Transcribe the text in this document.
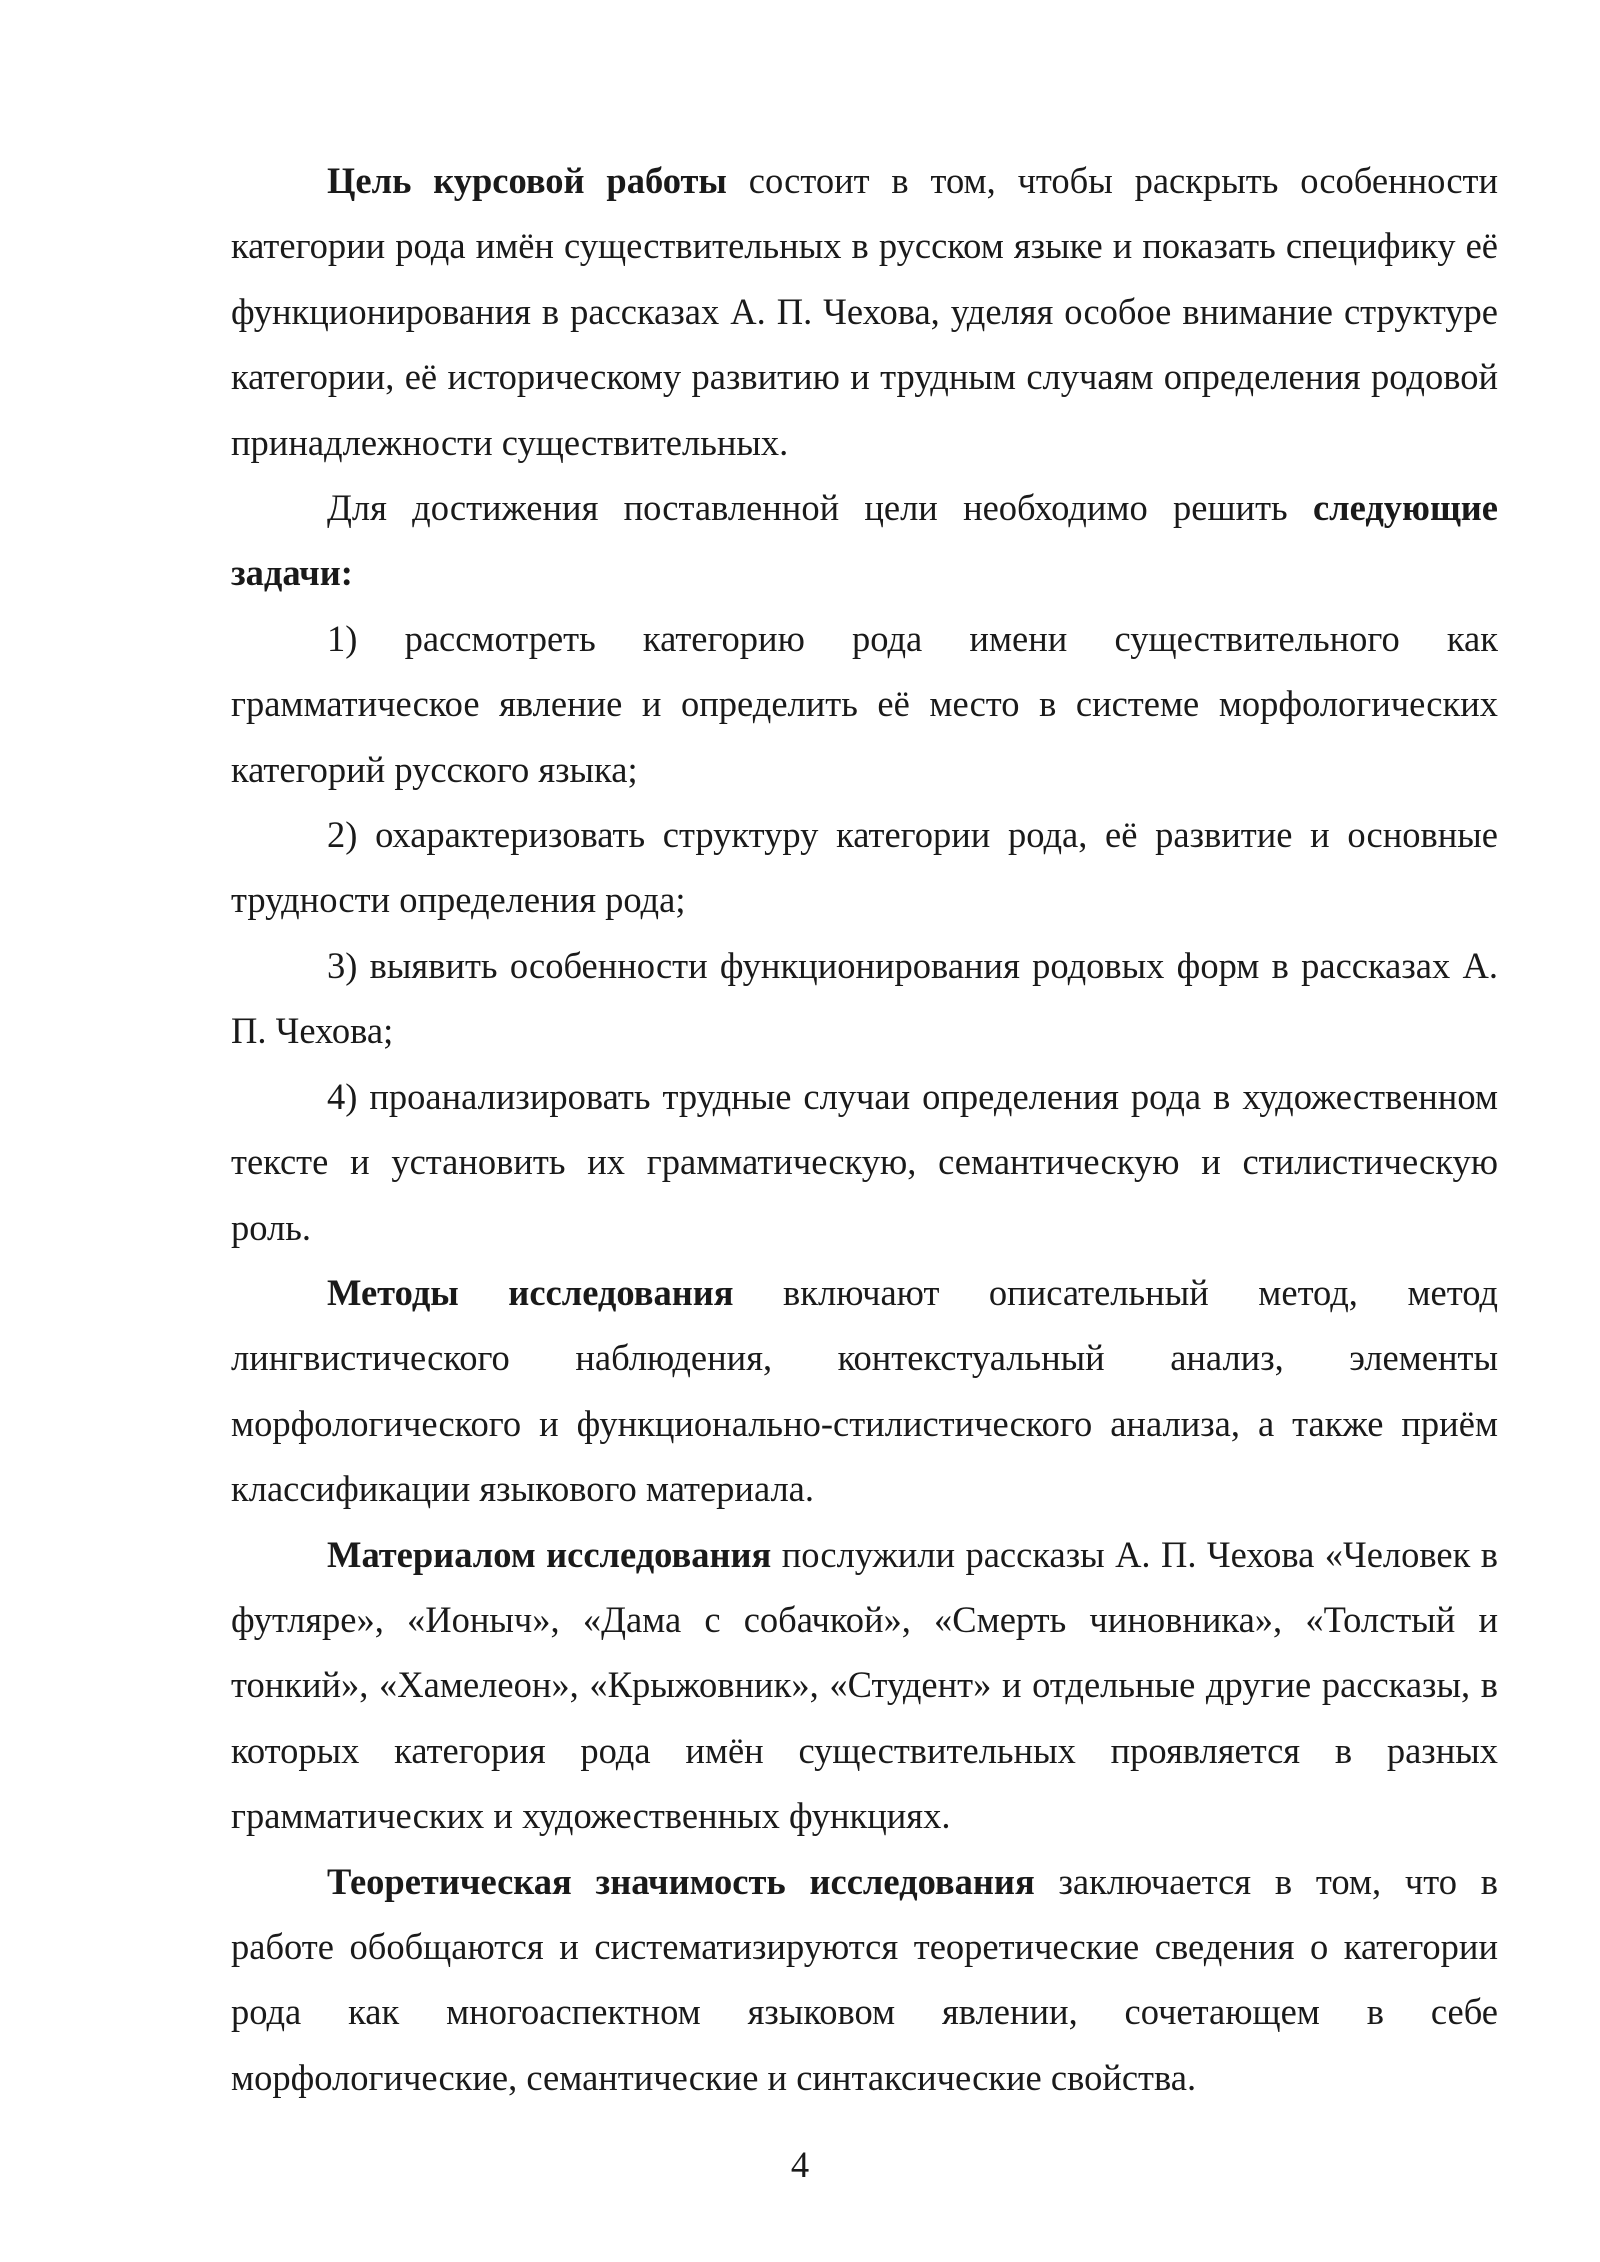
Цель курсовой работы состоит в том, чтобы раскрыть особенности категории рода имён существительных в русском языке и показать специфику её функционирования в рассказах А. П. Чехова, уделяя особое внимание структуре категории, её историческому развитию и трудным случаям определения родовой принадлежности существительных.

Для достижения поставленной цели необходимо решить следующие задачи:

1) рассмотреть категорию рода имени существительного как грамматическое явление и определить её место в системе морфологических категорий русского языка;

2) охарактеризовать структуру категории рода, её развитие и основные трудности определения рода;

3) выявить особенности функционирования родовых форм в рассказах А. П. Чехова;

4) проанализировать трудные случаи определения рода в художественном тексте и установить их грамматическую, семантическую и стилистическую роль.

Методы исследования включают описательный метод, метод лингвистического наблюдения, контекстуальный анализ, элементы морфологического и функционально-стилистического анализа, а также приём классификации языкового материала.

Материалом исследования послужили рассказы А. П. Чехова «Человек в футляре», «Ионыч», «Дама с собачкой», «Смерть чиновника», «Толстый и тонкий», «Хамелеон», «Крыжовник», «Студент» и отдельные другие рассказы, в которых категория рода имён существительных проявляется в разных грамматических и художественных функциях.

Теоретическая значимость исследования заключается в том, что в работе обобщаются и систематизируются теоретические сведения о категории рода как многоаспектном языковом явлении, сочетающем в себе морфологические, семантические и синтаксические свойства.

4
